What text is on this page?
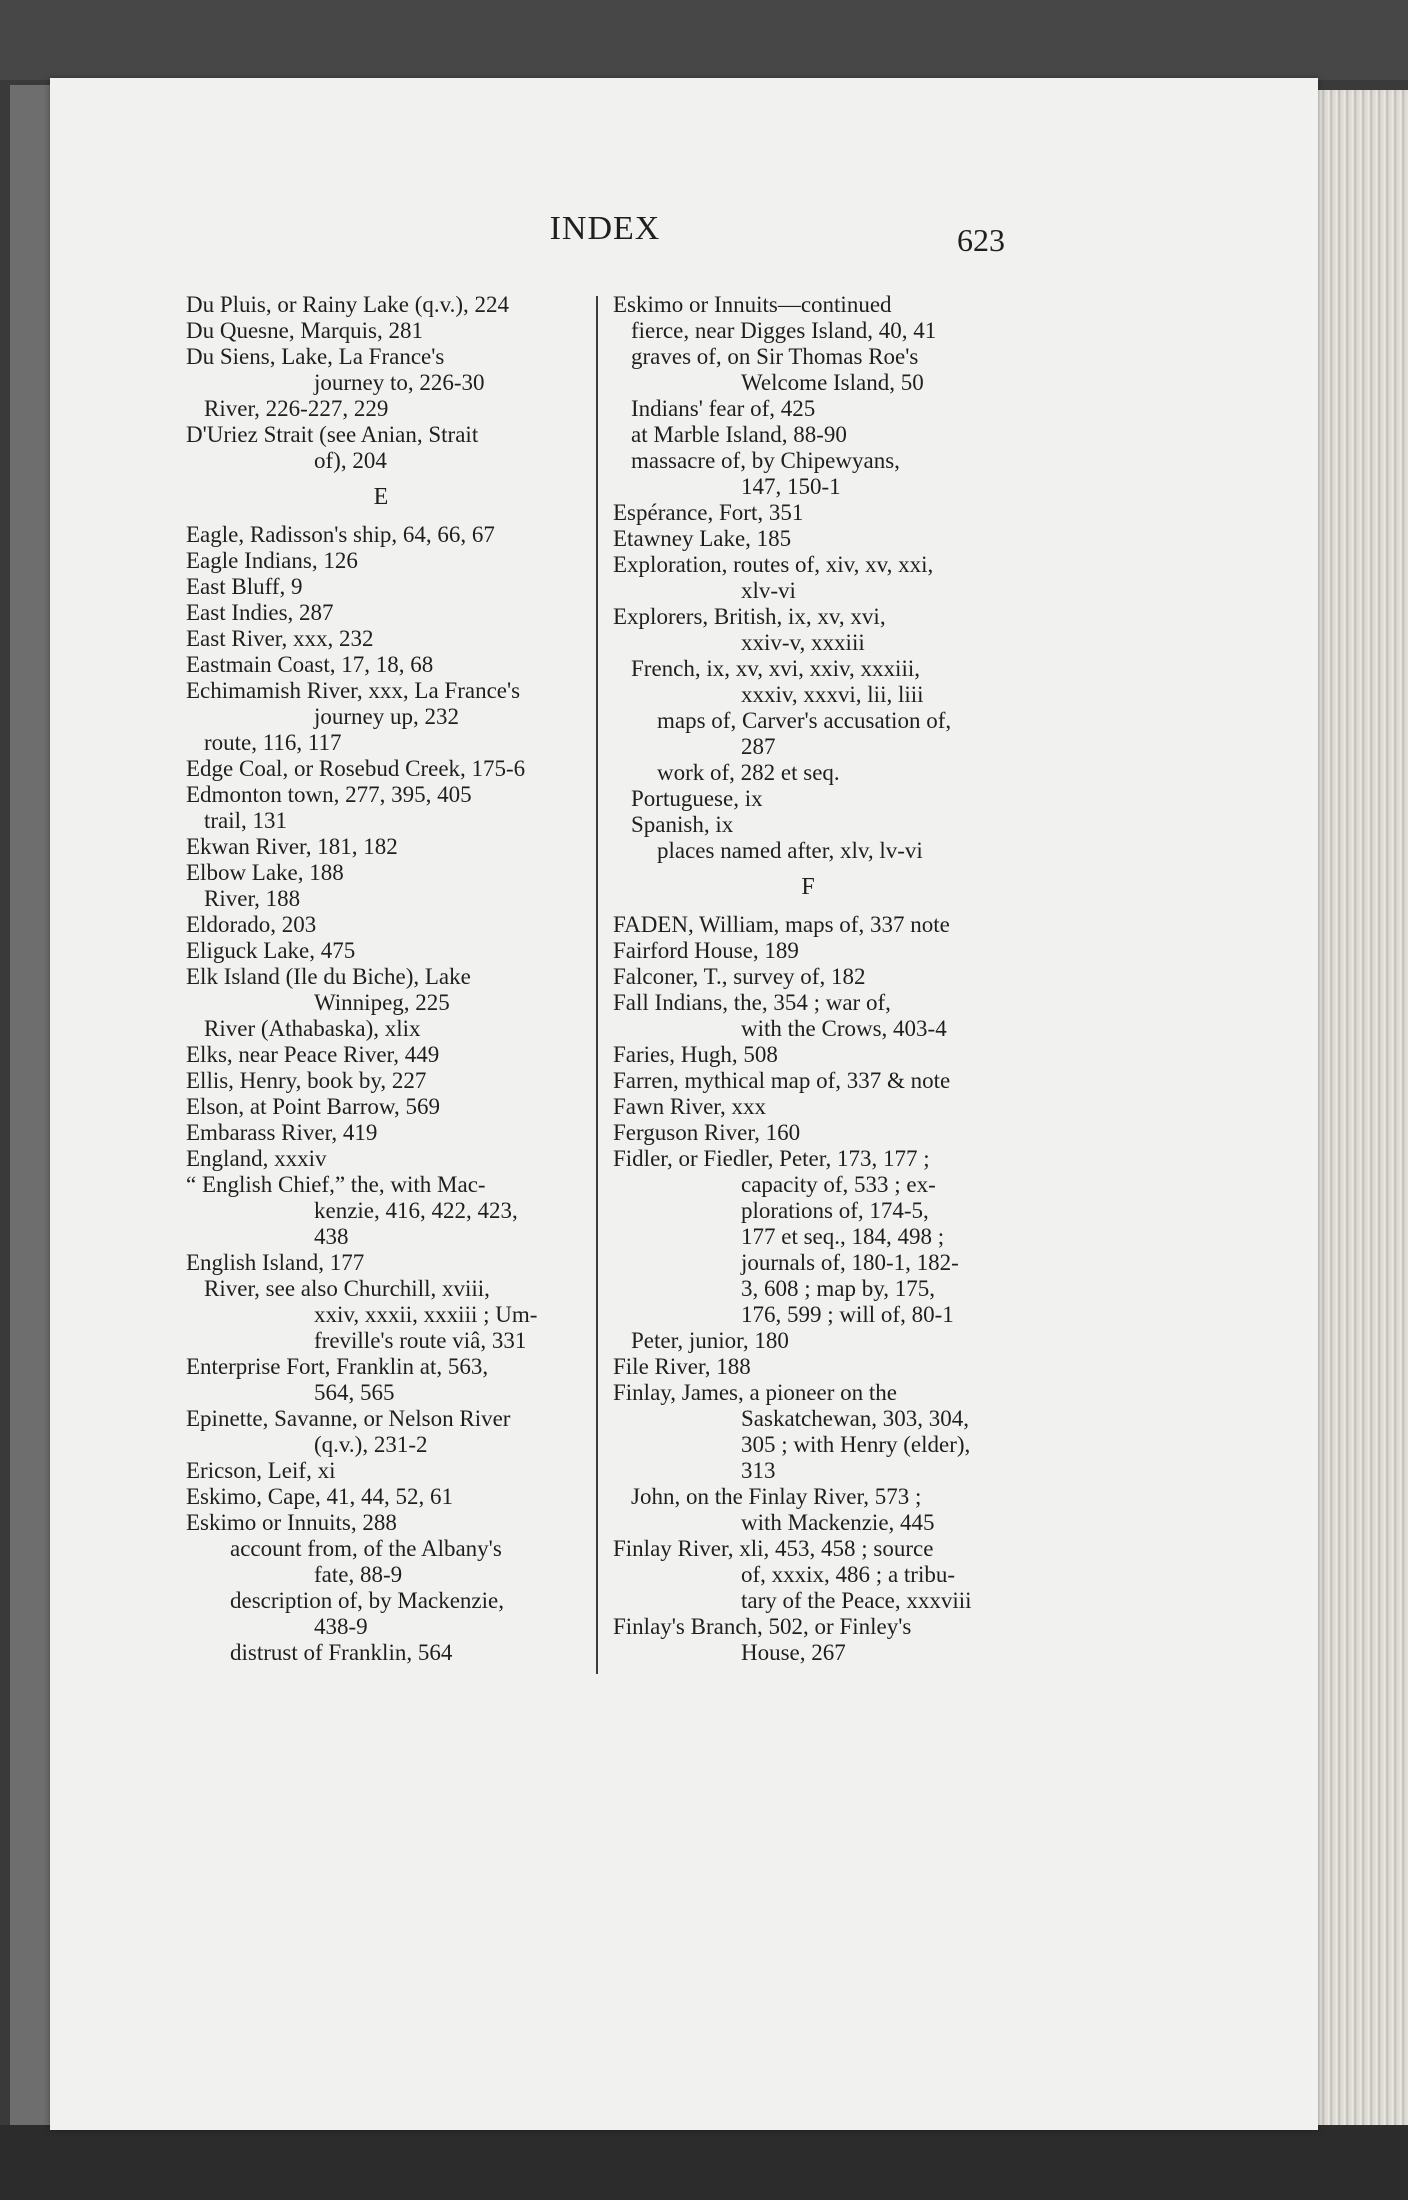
INDEX	623

Du Pluis, or Rainy Lake (q.v.), 224

Du Quesne, Marquis, 281

Du Siens, Lake, La France's

journey to, 226-30

River, 226-227, 229

D'Uriez Strait (see Anian, Strait

of), 204

E

Eagle, Radisson's ship, 64, 66, 67

Eagle Indians, 126

East Bluff, 9

East Indies, 287

East River, xxx, 232

Eastmain Coast, 17, 18, 68

Echimamish River, xxx, La France's

journey up, 232

route, 116, 117

Edge Coal, or Rosebud Creek, 175-6

Edmonton town, 277, 395, 405

trail, 131

Ekwan River, 181, 182

Elbow Lake, 188

River, 188

Eldorado, 203

Eliguck Lake, 475

Elk Island (Ile du Biche), Lake

Winnipeg, 225

River (Athabaska), xlix

Elks, near Peace River, 449

Ellis, Henry, book by, 227

Elson, at Point Barrow, 569

Embarass River, 419

England, xxxiv

“ English Chief,” the, with Mac-

kenzie, 416, 422, 423,

438

English Island, 177

River, see also Churchill, xviii,

xxiv, xxxii, xxxiii ; Um-

freville's route viâ, 331

Enterprise Fort, Franklin at, 563,

564, 565

Epinette, Savanne, or Nelson River

(q.v.), 231-2

Ericson, Leif, xi

Eskimo, Cape, 41, 44, 52, 61

Eskimo or Innuits, 288

account from, of the Albany's

fate, 88-9

description of, by Mackenzie,

438-9

distrust of Franklin, 564

Eskimo or Innuits—continued

fierce, near Digges Island, 40, 41

graves of, on Sir Thomas Roe's

Welcome Island, 50

Indians' fear of, 425

at Marble Island, 88-90

massacre of, by Chipewyans,

147, 150-1

Espérance, Fort, 351

Etawney Lake, 185

Exploration, routes of, xiv, xv, xxi,

xlv-vi

Explorers, British, ix, xv, xvi,

xxiv-v, xxxiii

French, ix, xv, xvi, xxiv, xxxiii,

xxxiv, xxxvi, lii, liii

maps of, Carver's accusation of,

287

work of, 282 et seq.

Portuguese, ix

Spanish, ix

places named after, xlv, lv-vi

F

FADEN, William, maps of, 337 note

Fairford House, 189

Falconer, T., survey of, 182

Fall Indians, the, 354 ; war of,

with the Crows, 403-4

Faries, Hugh, 508

Farren, mythical map of, 337 & note

Fawn River, xxx

Ferguson River, 160

Fidler, or Fiedler, Peter, 173, 177 ;

capacity of, 533 ; ex-

plorations of, 174-5,

177 et seq., 184, 498 ;

journals of, 180-1, 182-

3, 608 ; map by, 175,

176, 599 ; will of, 80-1

Peter, junior, 180

File River, 188

Finlay, James, a pioneer on the

Saskatchewan, 303, 304,

305 ; with Henry (elder),

313

John, on the Finlay River, 573 ;

with Mackenzie, 445

Finlay River, xli, 453, 458 ; source

of, xxxix, 486 ; a tribu-

tary of the Peace, xxxviii

Finlay's Branch, 502, or Finley's

House, 267
